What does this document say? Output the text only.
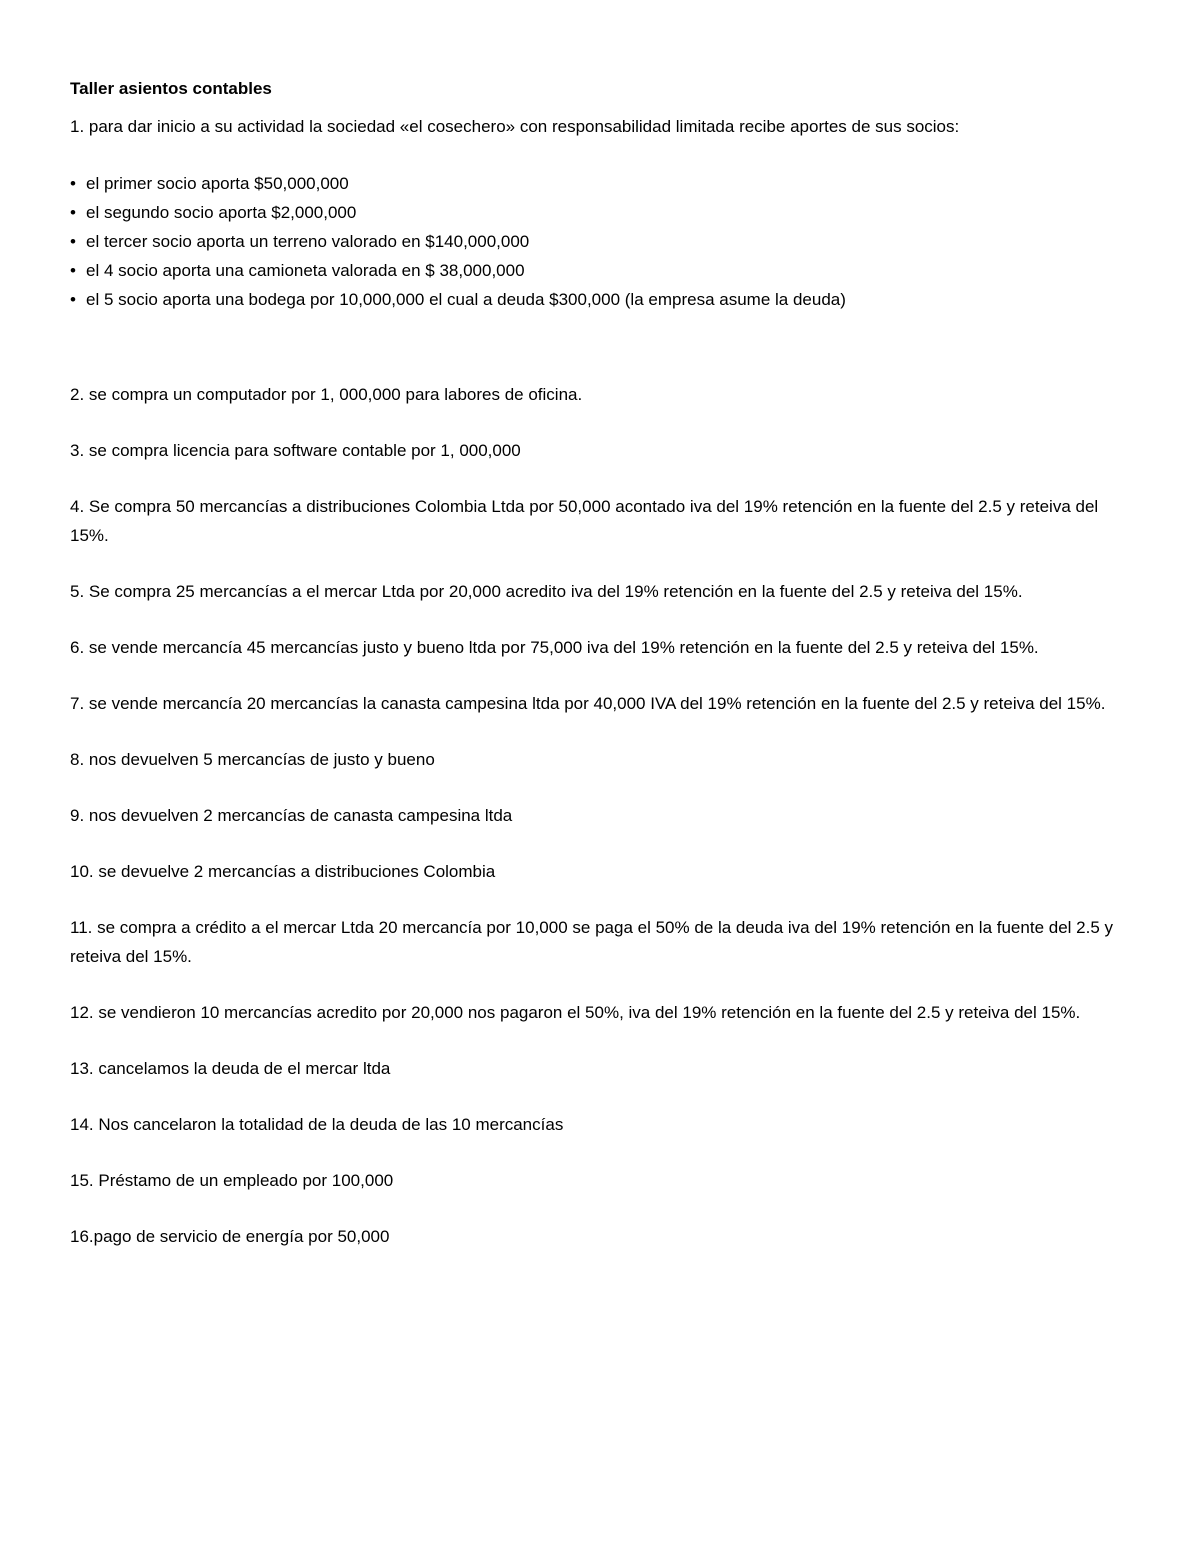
Taller asientos contables

1. para dar inicio a su actividad la sociedad «el cosechero» con responsabilidad limitada recibe aportes de sus socios:

• el primer socio aporta $50,000,000
• el segundo socio aporta $2,000,000
• el tercer socio aporta un terreno valorado en $140,000,000
• el 4 socio aporta una camioneta valorada en $ 38,000,000
• el 5 socio aporta una bodega por 10,000,000 el cual a deuda $300,000 (la empresa asume la deuda)

2. se compra un computador por 1, 000,000 para labores de oficina.

3. se compra licencia para software contable por 1, 000,000

4. Se compra 50 mercancías a distribuciones Colombia Ltda por 50,000 acontado iva del 19% retención en la fuente del 2.5 y reteiva del 15%.

5. Se compra 25 mercancías a el mercar Ltda por 20,000 acredito iva del 19% retención en la fuente del 2.5 y reteiva del 15%.

6. se vende mercancía 45 mercancías justo y bueno ltda por 75,000 iva del 19% retención en la fuente del 2.5 y reteiva del 15%.

7. se vende mercancía 20 mercancías la canasta campesina ltda por 40,000 IVA del 19% retención en la fuente del 2.5 y reteiva del 15%.

8. nos devuelven 5 mercancías de justo y bueno

9. nos devuelven 2 mercancías de canasta campesina ltda

10. se devuelve 2 mercancías a distribuciones Colombia

11. se compra a crédito a el mercar Ltda 20 mercancía por 10,000 se paga el 50% de la deuda iva del 19% retención en la fuente del 2.5 y reteiva del 15%.

12. se vendieron 10 mercancías acredito por 20,000 nos pagaron el 50%, iva del 19% retención en la fuente del 2.5 y reteiva del 15%.

13. cancelamos la deuda de el mercar ltda

14. Nos cancelaron la totalidad de la deuda de las 10 mercancías

15. Préstamo de un empleado por 100,000

16.pago de servicio de energía por 50,000
